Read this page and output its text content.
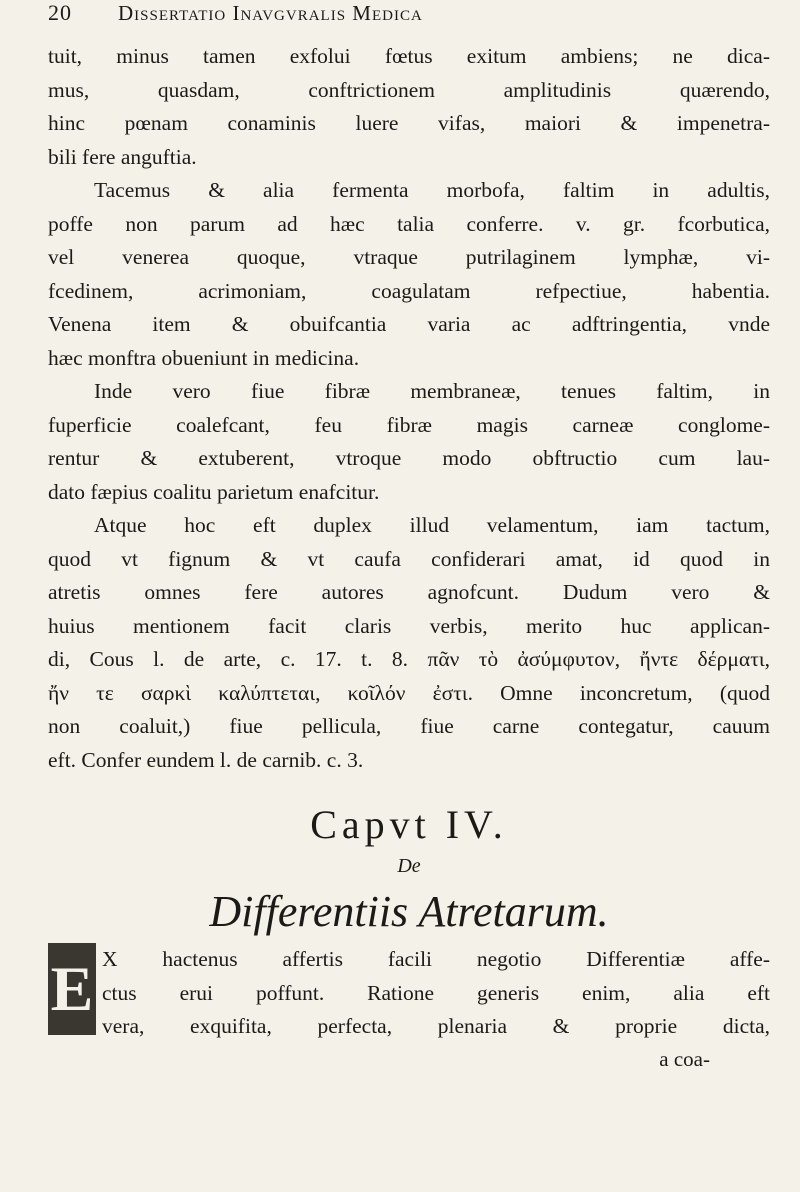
20	Dissertatio Inavgvralis Medica
tuit, minus tamen exfolui fœtus exitum ambiens; ne dica-
mus, quasdam, conftrictionem amplitudinis quærendo,
hinc pœnam conaminis luere vifas, maiori & impenetra-
bili fere anguftia.
Tacemus & alia fermenta morbofa, faltim in adultis,
poffe non parum ad hæc talia conferre. v. gr. fcorbutica,
vel venerea quoque, vtraque putrilaginem lymphæ, vi-
fcedinem, acrimoniam, coagulatam refpectiue, habentia.
Venena item & obuifcantia varia ac adftringentia, vnde
hæc monftra obueniunt in medicina.
Inde vero fiue fibræ membraneæ, tenues faltim, in
fuperficie coalefcant, feu fibræ magis carneæ conglome-
rentur & extuberent, vtroque modo obftructio cum lau-
dato fæpius coalitu parietum enafcitur.
Atque hoc eft duplex illud velamentum, iam tactum,
quod vt fignum & vt caufa confiderari amat, id quod in
atretis omnes fere autores agnofcunt. Dudum vero &
huius mentionem facit claris verbis, merito huc applican-
di, Cous l. de arte, c. 17. t. 8. πᾶν τὸ ἀσύμφυτον, ἤντε δέρματι,
ἤν τε σαρκὶ καλύπτεται, κοῖλόν ἐστι. Omne inconcretum, (quod
non coaluit,) fiue pellicula, fiue carne contegatur, cauum
eft. Confer eundem l. de carnib. c. 3.
Capvt IV.
De
Differentiis Atretarum.
E X hactenus affertis facili negotio Differentiæ affe-
ctus erui poffunt. Ratione generis enim, alia eft
vera, exquifita, perfecta, plenaria & proprie dicta,
a coa-
